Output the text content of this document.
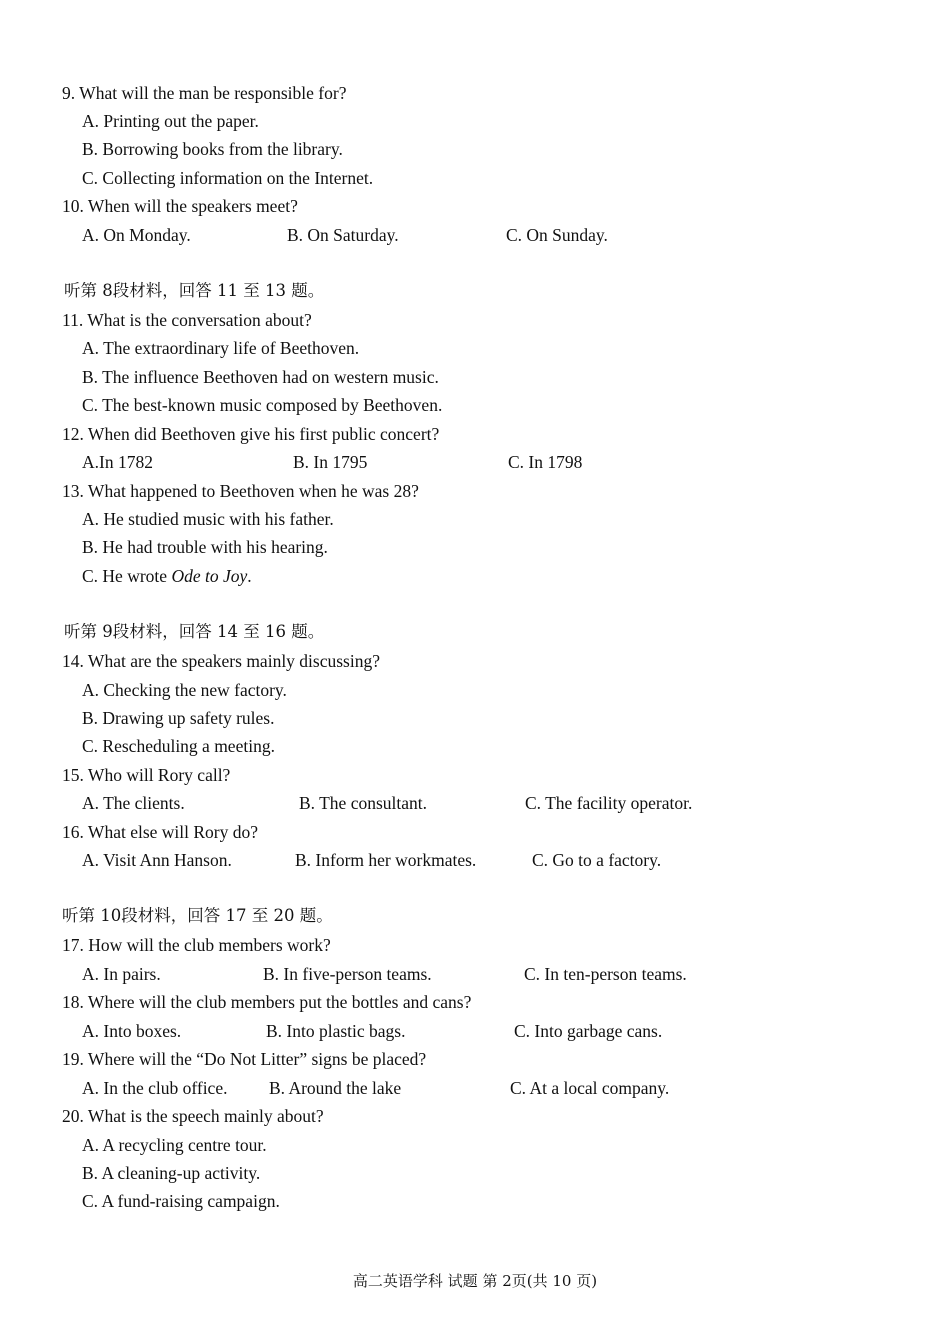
9. What will the man be responsible for?
A. Printing out the paper.
B. Borrowing books from the library.
C. Collecting information on the Internet.
10. When will the speakers meet?
A. On Monday.	B. On Saturday.	C. On Sunday.
听第 8段材料，回答 11 至 13 题。
11. What is the conversation about?
A. The extraordinary life of Beethoven.
B. The influence Beethoven had on western music.
C. The best-known music composed by Beethoven.
12. When did Beethoven give his first public concert?
A.In 1782	B. In 1795	C. In 1798
13. What happened to Beethoven when he was 28?
A. He studied music with his father.
B. He had trouble with his hearing.
C. He wrote Ode to Joy.
听第 9段材料，回答 14 至 16 题。
14. What are the speakers mainly discussing?
A. Checking the new factory.
B. Drawing up safety rules.
C. Rescheduling a meeting.
15. Who will Rory call?
A. The clients.	B. The consultant.	C. The facility operator.
16. What else will Rory do?
A. Visit Ann Hanson.	B. Inform her workmates.	C. Go to a factory.
听第 10段材料，回答 17 至 20 题。
17. How will the club members work?
A. In pairs.	B. In five-person teams.	C. In ten-person teams.
18. Where will the club members put the bottles and cans?
A. Into boxes.	B. Into plastic bags.	C. Into garbage cans.
19. Where will the “Do Not Litter” signs be placed?
A. In the club office. B. Around the lake	C. At a local company.
20. What is the speech mainly about?
A. A recycling centre tour.
B. A cleaning-up activity.
C. A fund-raising campaign.
高二英语学科 试题 第 2页(共 10 页)
